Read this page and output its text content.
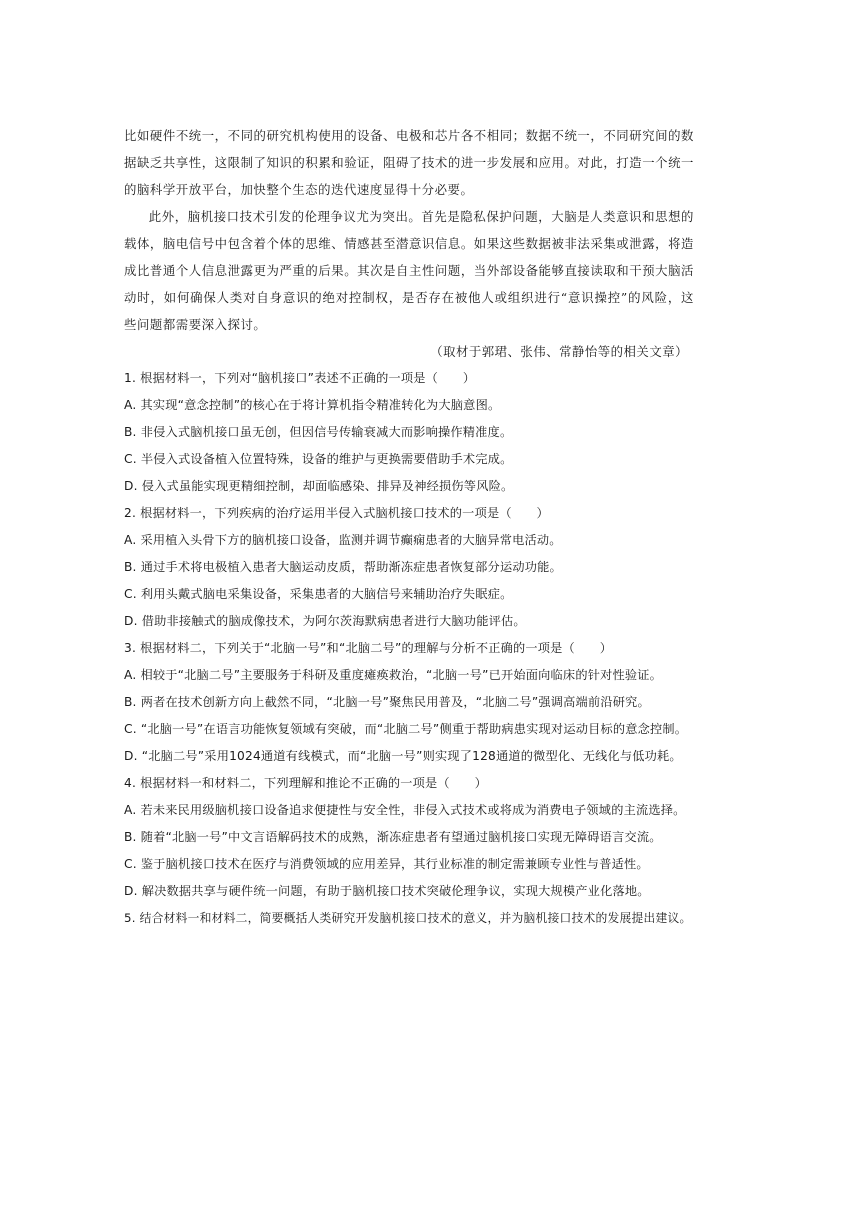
比如硬件不统一，不同的研究机构使用的设备、电极和芯片各不相同；数据不统一，不同研究间的数据缺乏共享性，这限制了知识的积累和验证，阻碍了技术的进一步发展和应用。对此，打造一个统一的脑科学开放平台，加快整个生态的迭代速度显得十分必要。

此外，脑机接口技术引发的伦理争议尤为突出。首先是隐私保护问题，大脑是人类意识和思想的载体，脑电信号中包含着个体的思维、情感甚至潜意识信息。如果这些数据被非法采集或泄露，将造成比普通个人信息泄露更为严重的后果。其次是自主性问题，当外部设备能够直接读取和干预大脑活动时，如何确保人类对自身意识的绝对控制权，是否存在被他人或组织进行“意识操控”的风险，这些问题都需要深入探讨。

（取材于郭珺、张伟、常静怡等的相关文章）
1. 根据材料一，下列对“脑机接口”表述不正确的一项是（　　）
A. 其实现“意念控制”的核心在于将计算机指令精准转化为大脑意图。
B. 非侵入式脑机接口虽无创，但因信号传输衰减大而影响操作精准度。
C. 半侵入式设备植入位置特殊，设备的维护与更换需要借助手术完成。
D. 侵入式虽能实现更精细控制，却面临感染、排异及神经损伤等风险。
2. 根据材料一，下列疾病的治疗运用半侵入式脑机接口技术的一项是（　　）
A. 采用植入头骨下方的脑机接口设备，监测并调节癫痫患者的大脑异常电活动。
B. 通过手术将电极植入患者大脑运动皮质，帮助渐冻症患者恢复部分运动功能。
C. 利用头戴式脑电采集设备，采集患者的大脑信号来辅助治疗失眠症。
D. 借助非接触式的脑成像技术，为阿尔茨海默病患者进行大脑功能评估。
3. 根据材料二，下列关于“北脑一号”和“北脑二号”的理解与分析不正确的一项是（　　）
A. 相较于“北脑二号”主要服务于科研及重度瘫痪救治，“北脑一号”已开始面向临床的针对性验证。
B. 两者在技术创新方向上截然不同，“北脑一号”聚焦民用普及，“北脑二号”强调高端前沿研究。
C. “北脑一号”在语言功能恢复领域有突破，而“北脑二号”侧重于帮助病患实现对运动目标的意念控制。
D. “北脑二号”采用1024通道有线模式，而“北脑一号”则实现了128通道的微型化、无线化与低功耗。
4. 根据材料一和材料二，下列理解和推论不正确的一项是（　　）
A. 若未来民用级脑机接口设备追求便捷性与安全性，非侵入式技术或将成为消费电子领域的主流选择。
B. 随着“北脑一号”中文言语解码技术的成熟，渐冻症患者有望通过脑机接口实现无障碍语言交流。
C. 鉴于脑机接口技术在医疗与消费领域的应用差异，其行业标准的制定需兼顾专业性与普适性。
D. 解决数据共享与硬件统一问题，有助于脑机接口技术突破伦理争议，实现大规模产业化落地。
5. 结合材料一和材料二，简要概括人类研究开发脑机接口技术的意义，并为脑机接口技术的发展提出建议。
